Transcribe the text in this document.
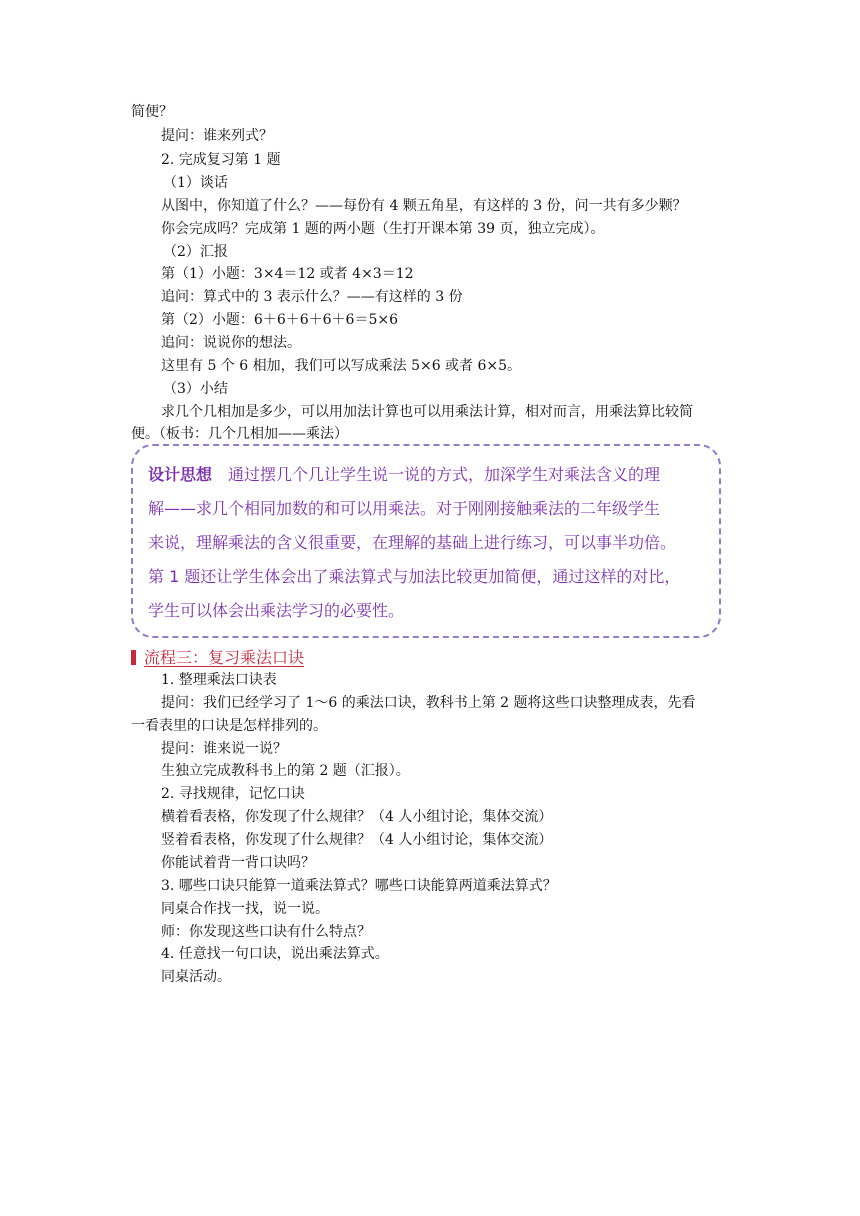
简便？
提问：谁来列式？
2. 完成复习第 1 题
（1）谈话
从图中，你知道了什么？——每份有 4 颗五角星，有这样的 3 份，问一共有多少颗？
你会完成吗？完成第 1 题的两小题（生打开课本第 39 页，独立完成）。
（2）汇报
第（1）小题：3×4＝12 或者 4×3＝12
追问：算式中的 3 表示什么？——有这样的 3 份
第（2）小题：6＋6＋6＋6＋6＝5×6
追问：说说你的想法。
这里有 5 个 6 相加，我们可以写成乘法 5×6 或者 6×5。
（3）小结
求几个几相加是多少，可以用加法计算也可以用乘法计算，相对而言，用乘法算比较简
便。（板书：几个几相加——乘法）
设计思想 通过摆几个几让学生说一说的方式，加深学生对乘法含义的理
解——求几个相同加数的和可以用乘法。对于刚刚接触乘法的二年级学生
来说，理解乘法的含义很重要，在理解的基础上进行练习，可以事半功倍。
第 1 题还让学生体会出了乘法算式与加法比较更加简便，通过这样的对比，
学生可以体会出乘法学习的必要性。
流程三：复习乘法口诀
1. 整理乘法口诀表
提问：我们已经学习了 1～6 的乘法口诀，教科书上第 2 题将这些口诀整理成表，先看
一看表里的口诀是怎样排列的。
提问：谁来说一说？
生独立完成教科书上的第 2 题（汇报）。
2. 寻找规律，记忆口诀
横着看表格，你发现了什么规律？（4 人小组讨论，集体交流）
竖着看表格，你发现了什么规律？（4 人小组讨论，集体交流）
你能试着背一背口诀吗？
3. 哪些口诀只能算一道乘法算式？哪些口诀能算两道乘法算式？
同桌合作找一找，说一说。
师：你发现这些口诀有什么特点？
4. 任意找一句口诀，说出乘法算式。
同桌活动。
